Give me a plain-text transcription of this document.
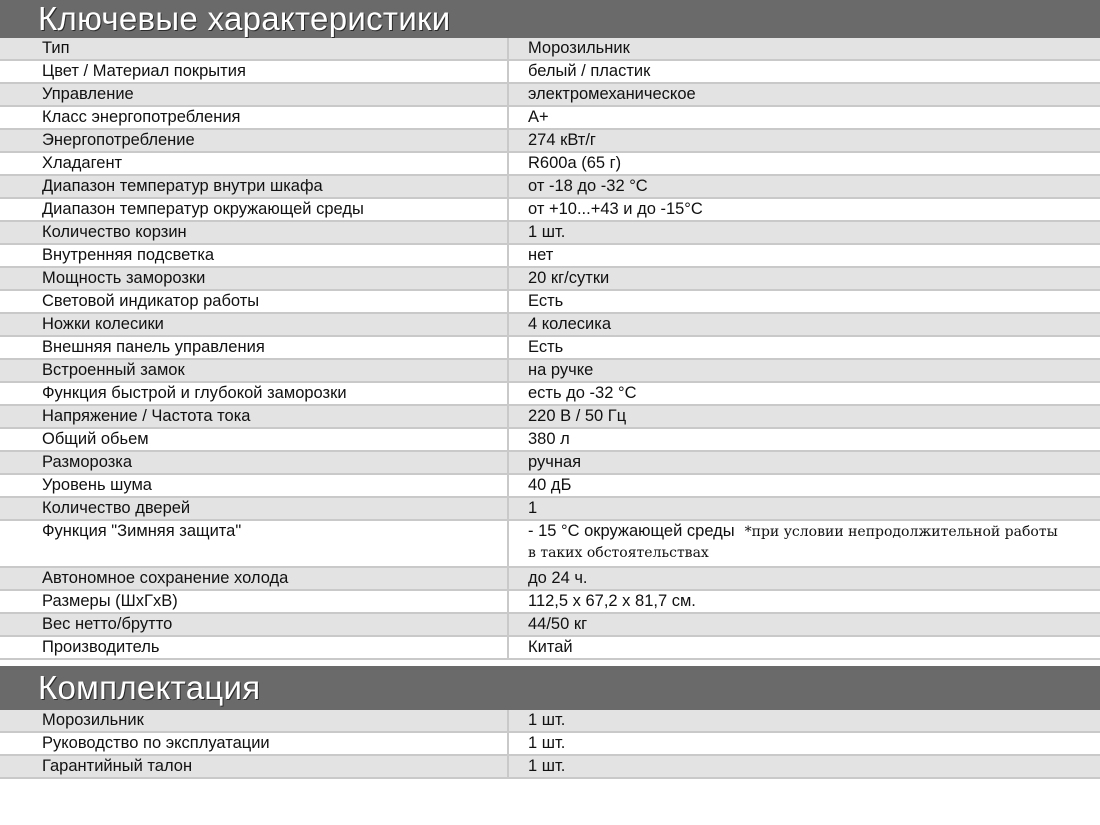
Ключевые характеристики
Тип	Морозильник
Цвет / Материал покрытия	белый / пластик
Управление	электромеханическое
Класс энергопотребления	A+
Энергопотребление	274 кВт/г
Хладагент	R600a (65 г)
Диапазон температур внутри шкафа	от -18 до -32 °C
Диапазон температур окружающей среды	от +10...+43 и до -15°C
Количество корзин	1 шт.
Внутренняя подсветка	нет
Мощность заморозки	20 кг/сутки
Световой индикатор работы	Есть
Ножки колесики	4 колесика
Внешняя панель управления	Есть
Встроенный замок	на ручке
Функция быстрой и глубокой заморозки	есть до -32 °C
Напряжение / Частота тока	220 В / 50 Гц
Общий обьем	380 л
Разморозка	ручная
Уровень шума	40 дБ
Количество дверей	1
Функция "Зимняя защита"	- 15 °C окружающей среды *при условии непродолжительной работы
в таких обстоятельствах
Автономное сохранение холода	до 24 ч.
Размеры (ШхГхВ)	112,5 х 67,2 х 81,7 см.
Вес нетто/брутто	44/50 кг
Производитель	Китай
Комплектация
Морозильник	1 шт.
Руководство по эксплуатации	1 шт.
Гарантийный талон	1 шт.
